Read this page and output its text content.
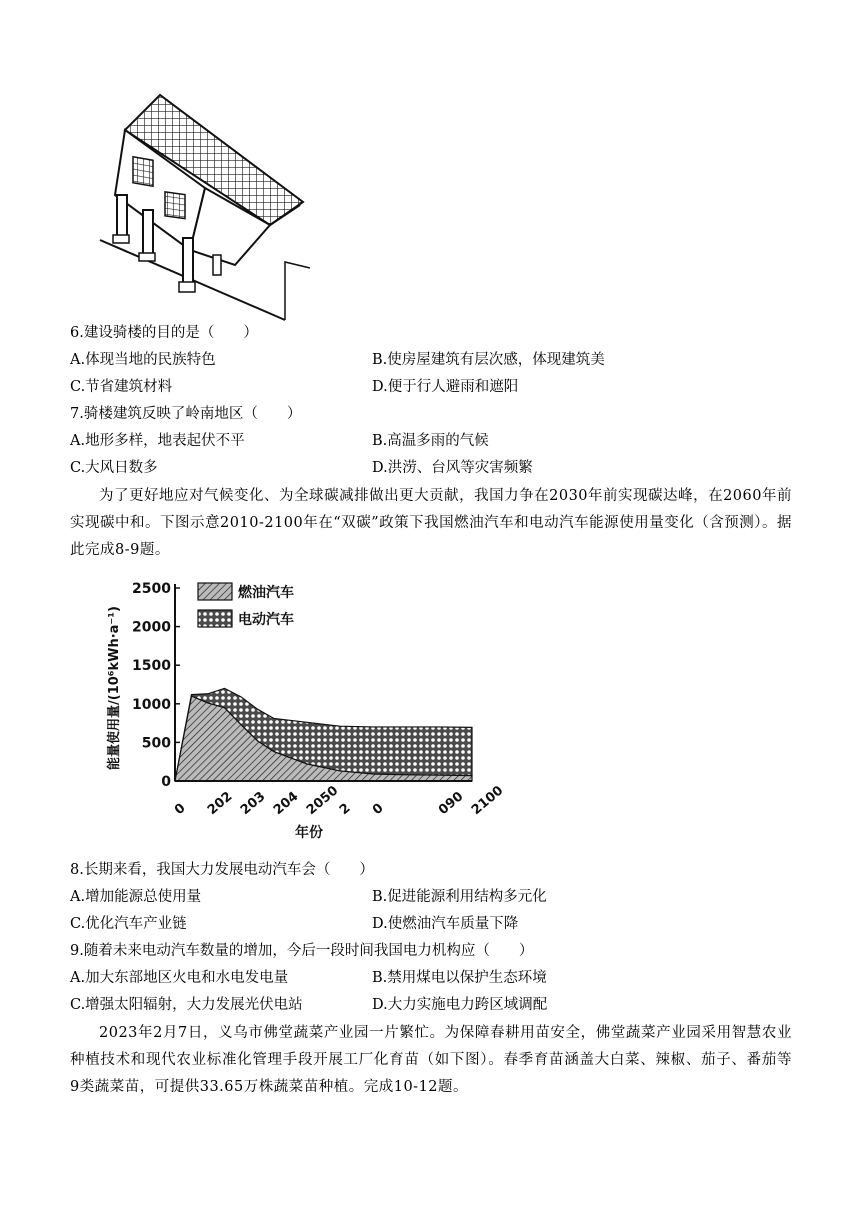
6.建设骑楼的目的是（　　）
A.体现当地的民族特色	B.使房屋建筑有层次感，体现建筑美
C.节省建筑材料	D.便于行人避雨和遮阳
7.骑楼建筑反映了岭南地区（　　）
A.地形多样，地表起伏不平	B.高温多雨的气候
C.大风日数多	D.洪涝、台风等灾害频繁
为了更好地应对气候变化、为全球碳减排做出更大贡献，我国力争在2030年前实现碳达峰，在2060年前实现碳中和。下图示意2010-2100年在“双碳”政策下我国燃油汽车和电动汽车能源使用量变化（含预测）。据此完成8-9题。
2500
2000
1500
1000
500
0
0 202 203 204 2050
2 0	090 2100
燃油汽车
电动汽车
能量使用量/(10⁶kWh·a⁻¹)
年份
8.长期来看，我国大力发展电动汽车会（　　）
A.增加能源总使用量	B.促进能源利用结构多元化
C.优化汽车产业链	D.使燃油汽车质量下降
9.随着未来电动汽车数量的增加，今后一段时间我国电力机构应（　　）
A.加大东部地区火电和水电发电量	B.禁用煤电以保护生态环境
C.增强太阳辐射，大力发展光伏电站	D.大力实施电力跨区域调配
2023年2月7日，义乌市佛堂蔬菜产业园一片繁忙。为保障春耕用苗安全，佛堂蔬菜产业园采用智慧农业种植技术和现代农业标准化管理手段开展工厂化育苗（如下图）。春季育苗涵盖大白菜、辣椒、茄子、番茄等9类蔬菜苗，可提供33.65万株蔬菜苗种植。完成10-12题。
